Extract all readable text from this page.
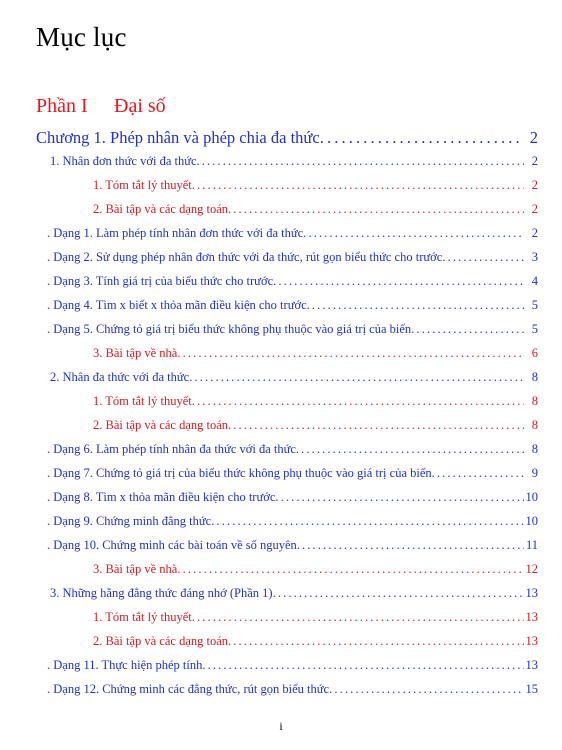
Mục lục
Phần I Đại số
Chương 1. Phép nhân và phép chia đa thức . . .	2
1. Nhân đơn thức với đa thức . . .	2
1. Tóm tắt lý thuyết . . .	2
2. Bài tập và các dạng toán . . .	2
. Dạng 1. Làm phép tính nhân đơn thức với đa thức . . .	2
. Dạng 2. Sử dụng phép nhân đơn thức với đa thức, rút gọn biểu thức cho trước . . .	3
. Dạng 3. Tính giá trị của biểu thức cho trước . . .	4
. Dạng 4. Tìm x biết x thỏa mãn điều kiện cho trước . . .	5
. Dạng 5. Chứng tỏ giá trị biểu thức không phụ thuộc vào giá trị của biến . . .	5
3. Bài tập về nhà . . .	6
2. Nhân đa thức với đa thức . . .	8
1. Tóm tắt lý thuyết . . .	8
2. Bài tập và các dạng toán . . .	8
. Dạng 6. Làm phép tính nhân đa thức với đa thức . . .	8
. Dạng 7. Chứng tỏ giá trị của biểu thức không phụ thuộc vào giá trị của biến . . .	9
. Dạng 8. Tìm x thỏa mãn điều kiện cho trước . . .	10
. Dạng 9. Chứng minh đẳng thức . . .	10
. Dạng 10. Chứng minh các bài toán về số nguyên . . .	11
3. Bài tập về nhà . . .	12
3. Những hằng đẳng thức đáng nhớ (Phần 1) . . .	13
1. Tóm tắt lý thuyết . . .	13
2. Bài tập và các dạng toán . . .	13
. Dạng 11. Thực hiện phép tính . . .	13
. Dạng 12. Chứng minh các đẳng thức, rút gọn biểu thức . . .	15
i
